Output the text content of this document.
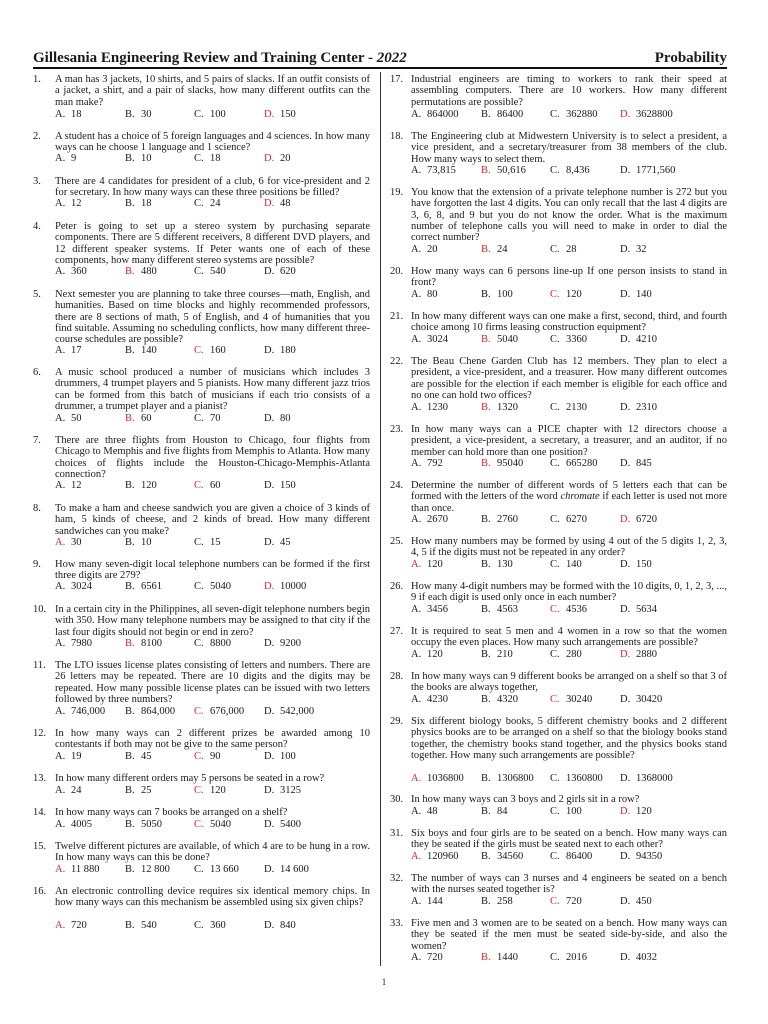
Gillesania Engineering Review and Training Center - 2022	Probability
1. A man has 3 jackets, 10 shirts, and 5 pairs of slacks. If an outfit consists of a jacket, a shirt, and a pair of slacks, how many different outfits can the man make?
A. 18	B. 30	C. 100	D. 150
2. A student has a choice of 5 foreign languages and 4 sciences. In how many ways can he choose 1 language and 1 science?
A. 9	B. 10	C. 18	D. 20
3. There are 4 candidates for president of a club, 6 for vice-president and 2 for secretary. In how many ways can these three positions be filled?
A. 12	B. 18	C. 24	D. 48
4. Peter is going to set up a stereo system by purchasing separate components. There are 5 different receivers, 8 different DVD players, and 12 different speaker systems. If Peter wants one of each of these components, how many different stereo systems are possible?
A. 360	B. 480	C. 540	D. 620
5. Next semester you are planning to take three courses—math, English, and humanities. Based on time blocks and highly recommended professors, there are 8 sections of math, 5 of English, and 4 of humanities that you find suitable. Assuming no scheduling conflicts, how many different three-course schedules are possible?
A. 17	B. 140	C. 160	D. 180
6. A music school produced a number of musicians which includes 3 drummers, 4 trumpet players and 5 pianists. How many different jazz trios can be formed from this batch of musicians if each trio consists of a drummer, a trumpet player and a pianist?
A. 50	B. 60	C. 70	D. 80
7. There are three flights from Houston to Chicago, four flights from Chicago to Memphis and five flights from Memphis to Atlanta. How many choices of flights include the Houston-Chicago-Memphis-Atlanta connection?
A. 12	B. 120	C. 60	D. 150
8. To make a ham and cheese sandwich you are given a choice of 3 kinds of ham, 5 kinds of cheese, and 2 kinds of bread. How many different sandwiches can you make?
A. 30	B. 10	C. 15	D. 45
9. How many seven-digit local telephone numbers can be formed if the first three digits are 279?
A. 3024	B. 6561	C. 5040	D. 10000
10. In a certain city in the Philippines, all seven-digit telephone numbers begin with 350. How many telephone numbers may be assigned to that city if the last four digits should not begin or end in zero?
A. 7980	B. 8100	C. 8800	D. 9200
11. The LTO issues license plates consisting of letters and numbers. There are 26 letters may be repeated. There are 10 digits and the digits may be repeated. How many possible license plates can be issued with two letters followed by three numbers?
A. 746,000 B. 864,000 C. 676,000 D. 542,000
12. In how many ways can 2 different prizes be awarded among 10 contestants if both may not be give to the same person?
A. 19	B. 45	C. 90	D. 100
13. In how many different orders may 5 persons be seated in a row?
A. 24	B. 25	C. 120	D. 3125
14. In how many ways can 7 books be arranged on a shelf?
A. 4005	B. 5050	C. 5040	D. 5400
15. Twelve different pictures are available, of which 4 are to be hung in a row. In how many ways can this be done?
A. 11 880 B. 12 800 C. 13 660 D. 14 600
16. An electronic controlling device requires six identical memory chips. In how many ways can this mechanism be assembled using six given chips?
A. 720	B. 540	C. 360	D. 840
17. Industrial engineers are timing to workers to rank their speed at assembling computers. There are 10 workers. How many different permutations are possible?
A. 864000 B. 86400	C. 362880 D. 3628800
18. The Engineering club at Midwestern University is to select a president, a vice president, and a secretary/treasurer from 38 members of the club. How many ways to select them.
A. 73,815 B. 50,616 C. 8,436	D. 1771,560
19. You know that the extension of a private telephone number is 272 but you have forgotten the last 4 digits. You can only recall that the last 4 digits are 3, 6, 8, and 9 but you do not know the order. What is the maximum number of telephone calls you will need to make in order to dial the correct number?
A. 20	B. 24	C. 28	D. 32
20. How many ways can 6 persons line-up If one person insists to stand in front?
A. 80	B. 100	C. 120	D. 140
21. In how many different ways can one make a first, second, third, and fourth choice among 10 firms leasing construction equipment?
A. 3024	B. 5040	C. 3360	D. 4210
22. The Beau Chene Garden Club has 12 members. They plan to elect a president, a vice-president, and a treasurer. How many different outcomes are possible for the election if each member is eligible for each office and no one can hold two offices?
A. 1230	B. 1320	C. 2130	D. 2310
23. In how many ways can a PICE chapter with 12 directors choose a president, a vice-president, a secretary, a treasurer, and an auditor, if no member can hold more than one position?
A. 792	B. 95040	C. 665280 D. 845
24. Determine the number of different words of 5 letters each that can be formed with the letters of the word chromate if each letter is used not more than once.
A. 2670	B. 2760	C. 6270	D. 6720
25. How many numbers may be formed by using 4 out of the 5 digits 1, 2, 3, 4, 5 if the digits must not be repeated in any order?
A. 120	B. 130	C. 140	D. 150
26. How many 4-digit numbers may be formed with the 10 digits, 0, 1, 2, 3, ..., 9 if each digit is used only once in each number?
A. 3456	B. 4563	C. 4536	D. 5634
27. It is required to seat 5 men and 4 women in a row so that the women occupy the even places. How many such arrangements are possible?
A. 120	B. 210	C. 280	D. 2880
28. In how many ways can 9 different books be arranged on a shelf so that 3 of the books are always together,
A. 4230	B. 4320	C. 30240	D. 30420
29. Six different biology books, 5 different chemistry books and 2 different physics books are to be arranged on a shelf so that the biology books stand together, the chemistry books stand together, and the physics books stand together. How many such arrangements are possible?
A. 1036800 B. 1306800 C. 1360800 D. 1368000
30. In how many ways can 3 boys and 2 girls sit in a row?
A. 48	B. 84	C. 100	D. 120
31. Six boys and four girls are to be seated on a bench. How many ways can they be seated if the girls must be seated next to each other?
A. 120960 B. 34560	C. 86400	D. 94350
32. The number of ways can 3 nurses and 4 engineers be seated on a bench with the nurses seated together is?
A. 144	B. 258	C. 720	D. 450
33. Five men and 3 women are to be seated on a bench. How many ways can they be seated if the men must be seated side-by-side, and also the women?
A. 720	B. 1440	C. 2016	D. 4032
1
